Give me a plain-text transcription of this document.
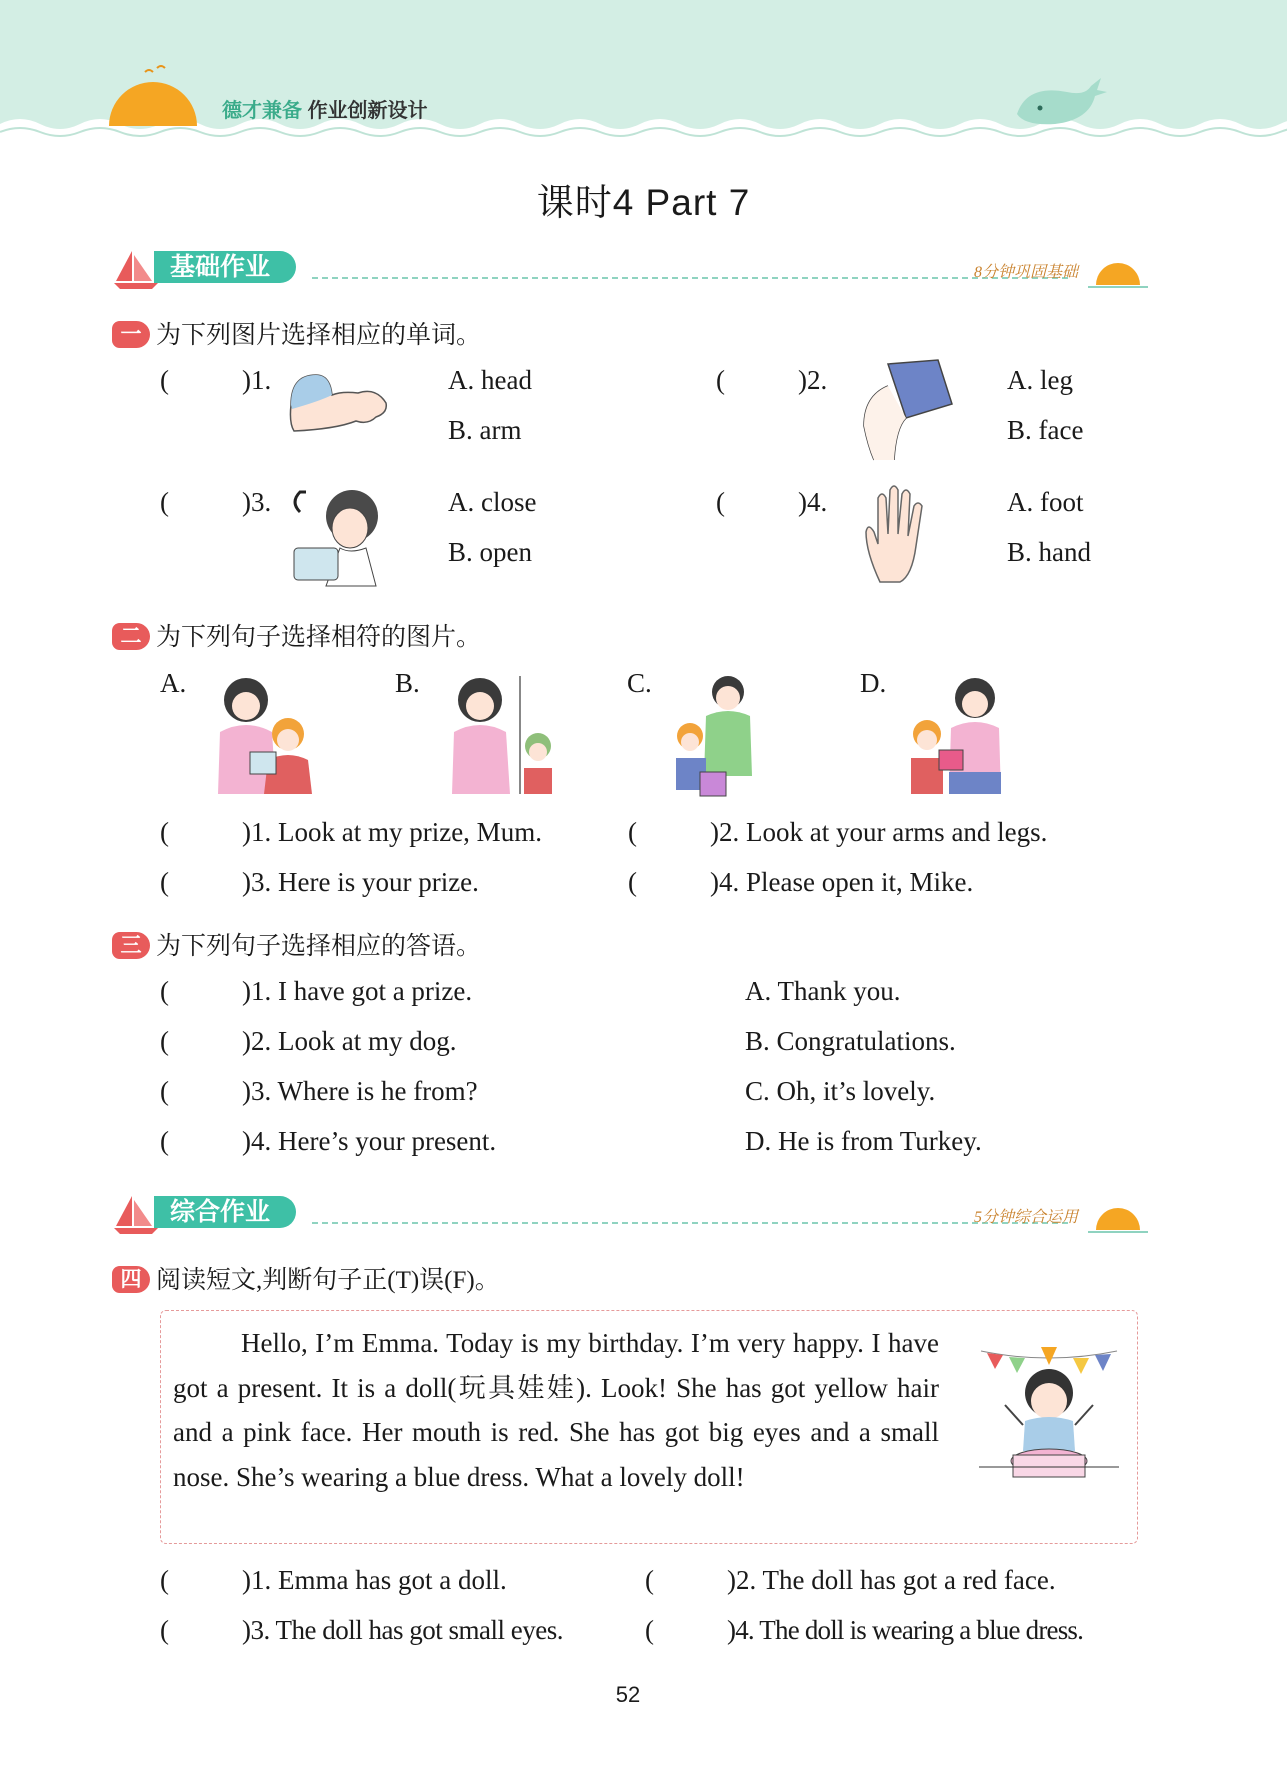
德才兼备 作业创新设计
课时4 Part 7
基础作业	8分钟巩固基础
一 为下列图片选择相应的单词。
(	)1.	A. head
B. arm
(	)2.	A. leg
B. face
(	)3.	A. close
B. open
(	)4.	A. foot
B. hand
二 为下列句子选择相符的图片。
A.	B.	C.	D.
(	)1. Look at my prize, Mum.	(	)2. Look at your arms and legs.
(	)3. Here is your prize.	(	)4. Please open it, Mike.
三 为下列句子选择相应的答语。
(	)1. I have got a prize.	A. Thank you.
(	)2. Look at my dog.	B. Congratulations.
(	)3. Where is he from?	C. Oh, it’s lovely.
(	)4. Here’s your present.	D. He is from Turkey.
综合作业	5分钟综合运用
四 阅读短文,判断句子正(T)误(F)。
Hello, I’m Emma. Today is my birthday. I’m very happy. I have got a present. It is a doll(玩具娃娃). Look! She has got yellow hair and a pink face. Her mouth is red. She has got big eyes and a small nose. She’s wearing a blue dress. What a lovely doll!
(	)1. Emma has got a doll.	(	)2. The doll has got a red face.
(	)3. The doll has got small eyes.	(	)4. The doll is wearing a blue dress.
52
